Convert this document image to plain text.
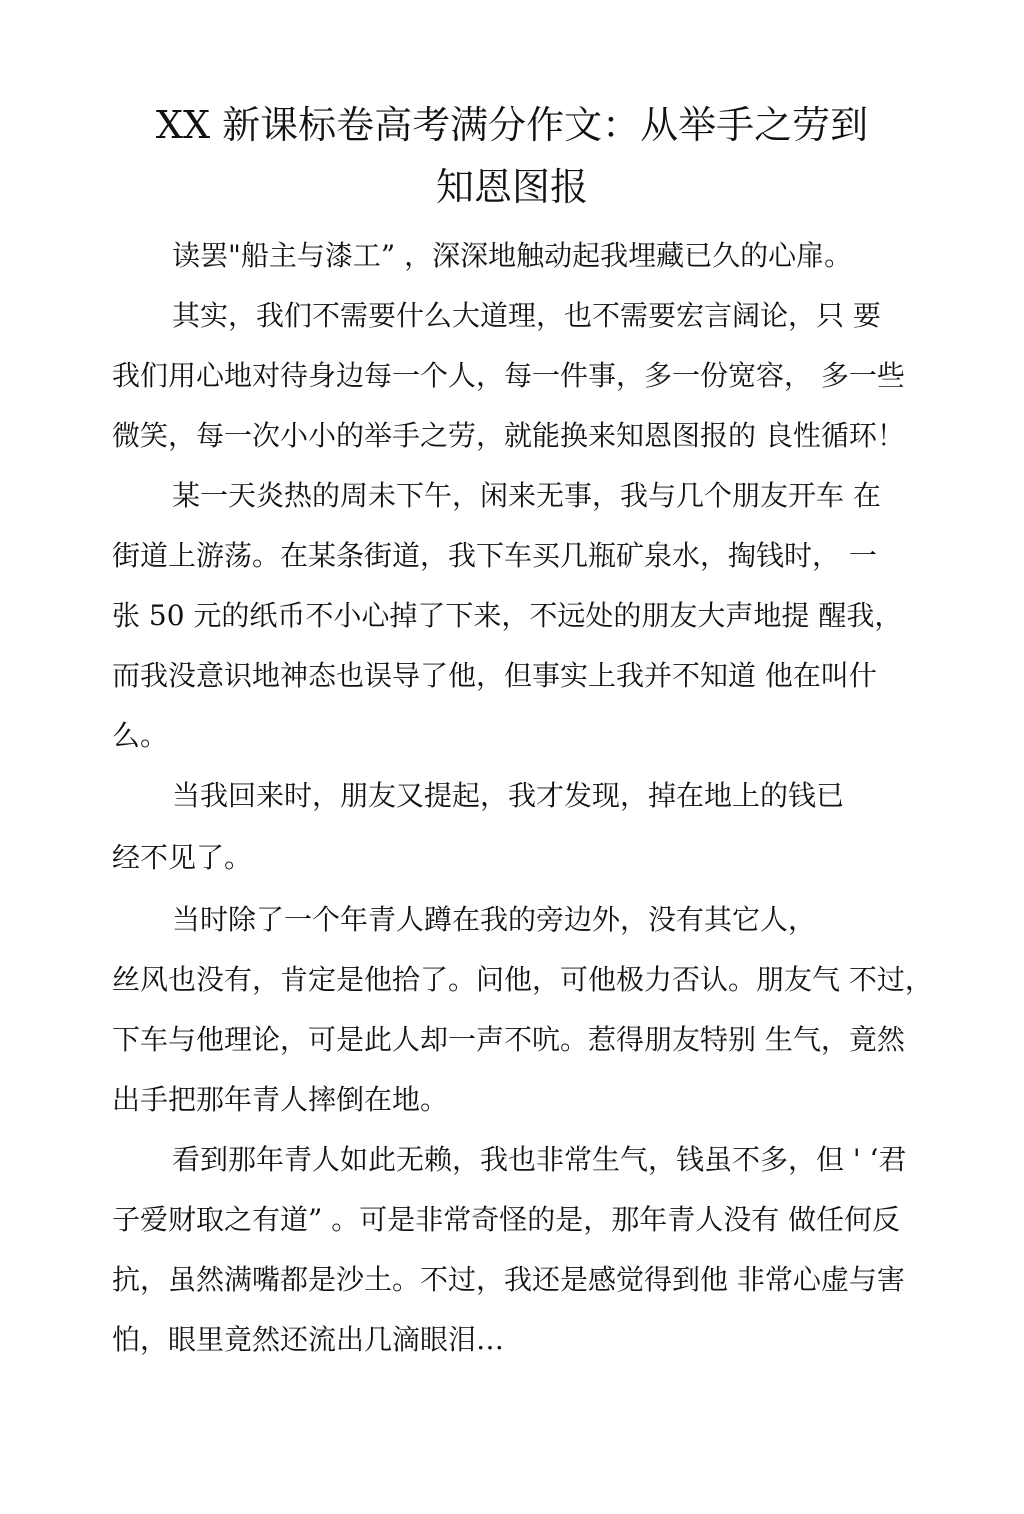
XX 新课标卷高考满分作文：从举手之劳到
知恩图报
读罢"船主与漆工” ，深深地触动起我埋藏已久的心扉。
其实，我们不需要什么大道理，也不需要宏言阔论，只 要
我们用心地对待身边每一个人，每一件事，多一份宽容， 多一些
微笑，每一次小小的举手之劳，就能换来知恩图报的 良性循环！
某一天炎热的周未下午，闲来无事，我与几个朋友开车 在
街道上游荡。在某条街道，我下车买几瓶矿泉水，掏钱时， 一
张 50 元的纸币不小心掉了下来，不远处的朋友大声地提 醒我，
而我没意识地神态也误导了他，但事实上我并不知道 他在叫什
么。
当我回来时，朋友又提起，我才发现，掉在地上的钱已
经不见了。
当时除了一个年青人蹲在我的旁边外，没有其它人，
丝风也没有，肯定是他拾了。问他，可他极力否认。朋友气 不过，
下车与他理论，可是此人却一声不吭。惹得朋友特别 生气，竟然
出手把那年青人摔倒在地。
看到那年青人如此无赖，我也非常生气，钱虽不多，但 ' ‘君
子爱财取之有道” 。可是非常奇怪的是，那年青人没有 做任何反
抗，虽然满嘴都是沙土。不过，我还是感觉得到他 非常心虚与害
怕，眼里竟然还流出几滴眼泪…
